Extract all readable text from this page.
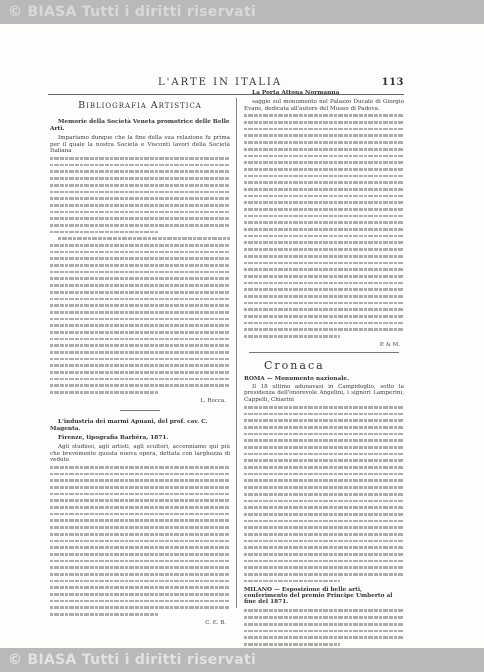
© BIASA Tutti i diritti riservati
L'ARTE IN ITALIA	113
Bibliografia Artistica
Memorie della Società Veneta promotrice delle Belle Arti.

Impariamo dunque che la fine della sua relazione fu prima per il quale la nostra Società e Visconti lavori della Società Italiana

L. Rocca.
L'industria dei marmi Apuani, del prof. cav. C. Magenta.
Firenze, tipografia Barbèra, 1871.

Agli studiosi, agli artisti, agli scultori, accenniamo qui più che brevemente questa nuova opera, dettata con larghezza di vedute

C. E. B.
La Porta Attona Normanna

saggio sul monumento nel Palazzo Ducale di Giorgio Evans, dedicata all'autore del Museo di Padova.

P. & M.
Cronaca
ROMA — Monumento nazionale.

Il 18 ultimo adunavasi in Campidoglio, sotto la presidenza dell'onorevole Angelini, i signori Lamperini, Cappelli, Chiarini

MILANO — Esposizione di belle arti, conferimento del premio Principe Umberto al fine del 1871.
© BIASA Tutti i diritti riservati
